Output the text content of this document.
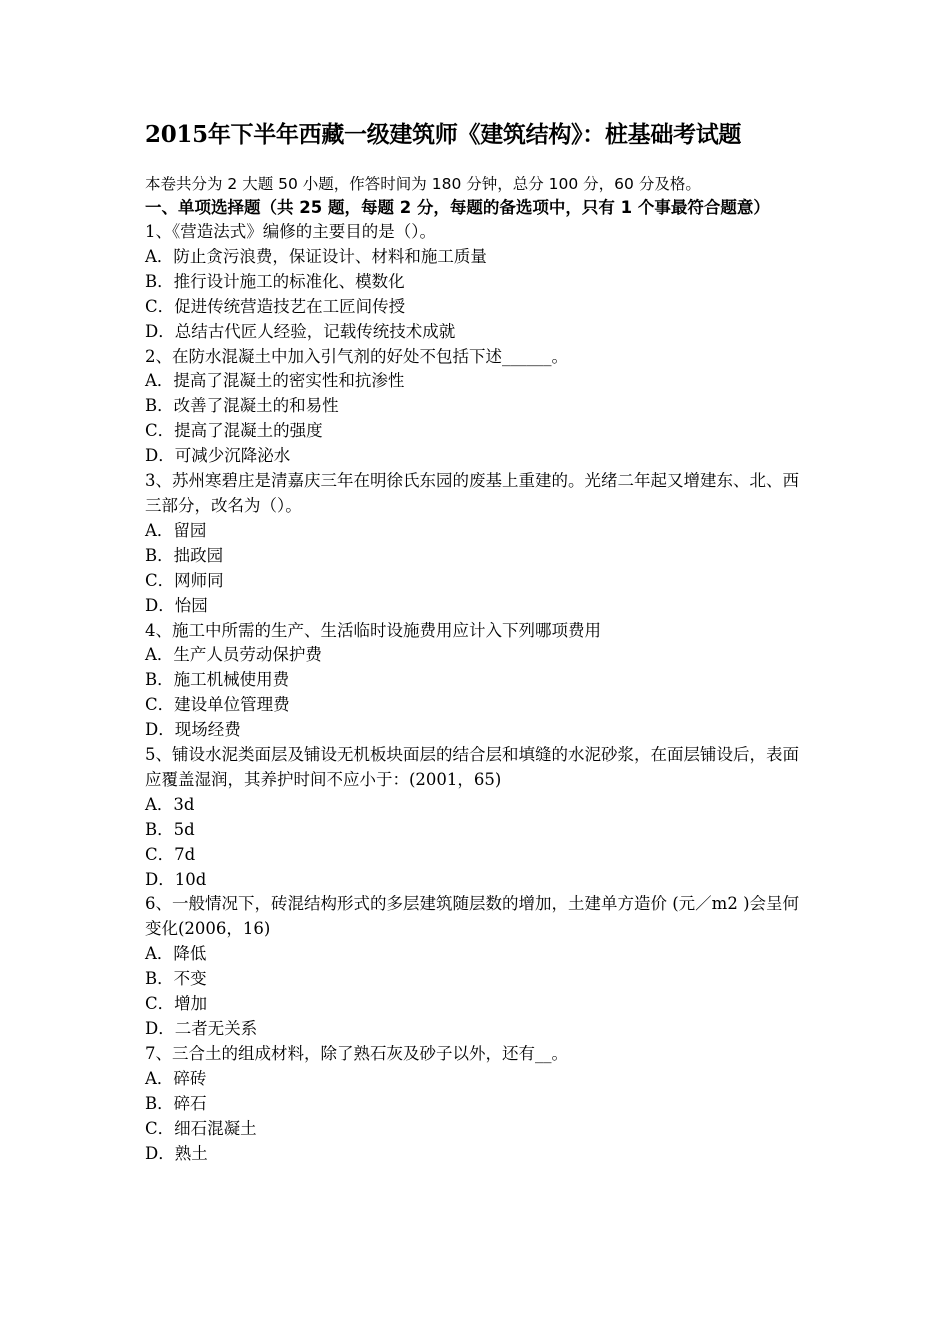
2015年下半年西藏一级建筑师《建筑结构》：桩基础考试题

本卷共分为 2 大题 50 小题，作答时间为 180 分钟，总分 100 分，60 分及格。

一、单项选择题（共 25 题，每题 2 分，每题的备选项中，只有 1 个事最符合题意）

1、《营造法式》编修的主要目的是（）。

A．防止贪污浪费，保证设计、材料和施工质量

B．推行设计施工的标准化、模数化

C．促进传统营造技艺在工匠间传授

D．总结古代匠人经验，记载传统技术成就

2、在防水混凝土中加入引气剂的好处不包括下述______。

A．提高了混凝土的密实性和抗渗性

B．改善了混凝土的和易性

C．提高了混凝土的强度

D．可减少沉降泌水

3、苏州寒碧庄是清嘉庆三年在明徐氏东园的废基上重建的。光绪二年起又增建东、北、西三部分，改名为（）。

A．留园

B．拙政园

C．网师同

D．怡园

4、施工中所需的生产、生活临时设施费用应计入下列哪项费用

A．生产人员劳动保护费

B．施工机械使用费

C．建设单位管理费

D．现场经费

5、铺设水泥类面层及铺设无机板块面层的结合层和填缝的水泥砂浆，在面层铺设后，表面应覆盖湿润，其养护时间不应小于：(2001，65)

A．3d

B．5d

C．7d

D．10d

6、一般情况下，砖混结构形式的多层建筑随层数的增加，土建单方造价 (元／m2 )会呈何变化(2006，16)

A．降低

B．不变

C．增加

D．二者无关系

7、三合土的组成材料，除了熟石灰及砂子以外，还有__。

A．碎砖

B．碎石

C．细石混凝土

D．熟土
